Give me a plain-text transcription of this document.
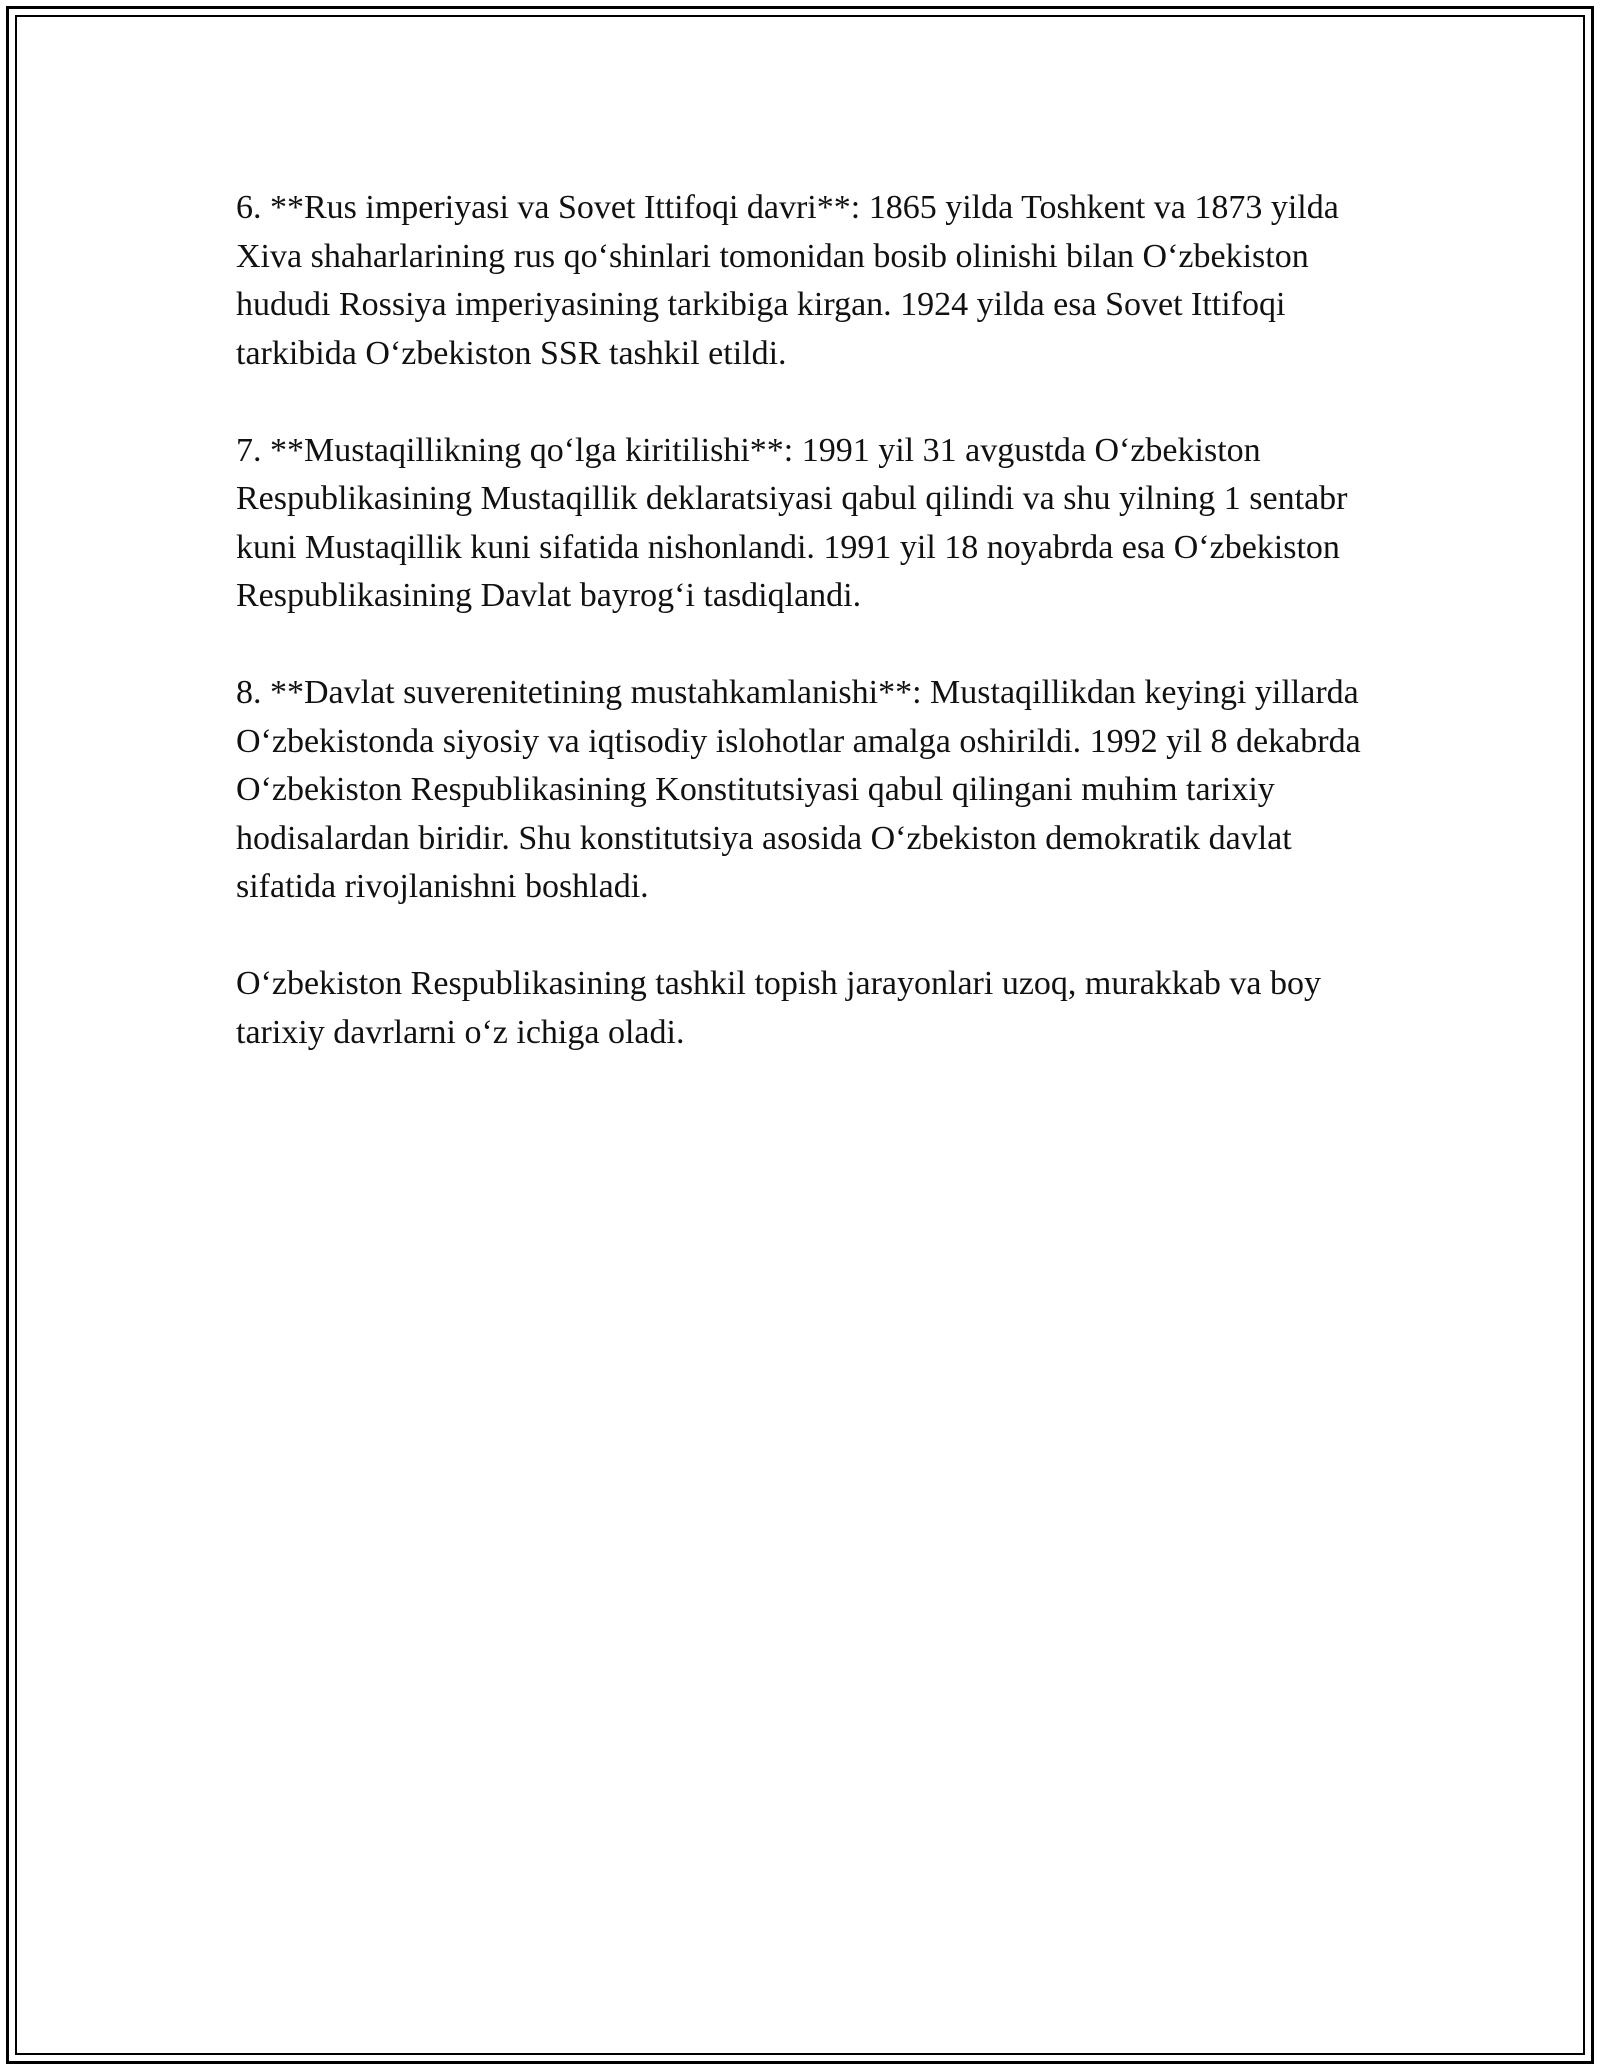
6. **Rus imperiyasi va Sovet Ittifoqi davri**: 1865 yilda Toshkent va 1873 yilda Xiva shaharlarining rus qo‘shinlari tomonidan bosib olinishi bilan O‘zbekiston hududi Rossiya imperiyasining tarkibiga kirgan. 1924 yilda esa Sovet Ittifoqi tarkibida O‘zbekiston SSR tashkil etildi.

7. **Mustaqillikning qo‘lga kiritilishi**: 1991 yil 31 avgustda O‘zbekiston Respublikasining Mustaqillik deklaratsiyasi qabul qilindi va shu yilning 1 sentabr kuni Mustaqillik kuni sifatida nishonlandi. 1991 yil 18 noyabrda esa O‘zbekiston Respublikasining Davlat bayrog‘i tasdiqlandi.

8. **Davlat suverenitetining mustahkamlanishi**: Mustaqillikdan keyingi yillarda O‘zbekistonda siyosiy va iqtisodiy islohotlar amalga oshirildi. 1992 yil 8 dekabrda O‘zbekiston Respublikasining Konstitutsiyasi qabul qilingani muhim tarixiy hodisalardan biridir. Shu konstitutsiya asosida O‘zbekiston demokratik davlat sifatida rivojlanishni boshladi.

O‘zbekiston Respublikasining tashkil topish jarayonlari uzoq, murakkab va boy tarixiy davrlarni o‘z ichiga oladi.
